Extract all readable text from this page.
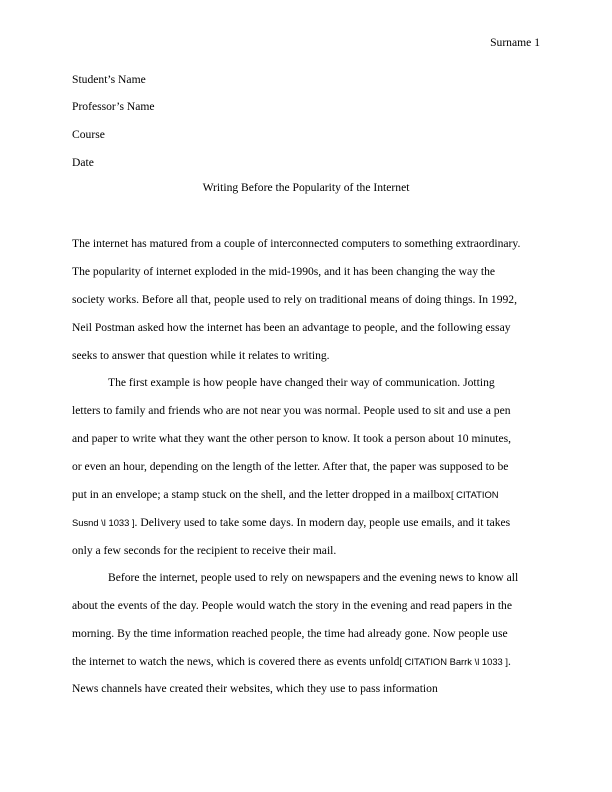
Surname 1
Student’s Name
Professor’s Name
Course
Date
Writing Before the Popularity of the Internet
The internet has matured from a couple of interconnected computers to something extraordinary.
The popularity of internet exploded in the mid-1990s, and it has been changing the way the
society works. Before all that, people used to rely on traditional means of doing things. In 1992,
Neil Postman asked how the internet has been an advantage to people, and the following essay
seeks to answer that question while it relates to writing.
The first example is how people have changed their way of communication. Jotting
letters to family and friends who are not near you was normal. People used to sit and use a pen
and paper to write what they want the other person to know. It took a person about 10 minutes,
or even an hour, depending on the length of the letter. After that, the paper was supposed to be
put in an envelope; a stamp stuck on the shell, and the letter dropped in a mailbox[ CITATION
Susnd \l 1033 ]. Delivery used to take some days. In modern day, people use emails, and it takes
only a few seconds for the recipient to receive their mail.
Before the internet, people used to rely on newspapers and the evening news to know all
about the events of the day. People would watch the story in the evening and read papers in the
morning. By the time information reached people, the time had already gone. Now people use
the internet to watch the news, which is covered there as events unfold[ CITATION Barrk \l 1033 ].
News channels have created their websites, which they use to pass information
